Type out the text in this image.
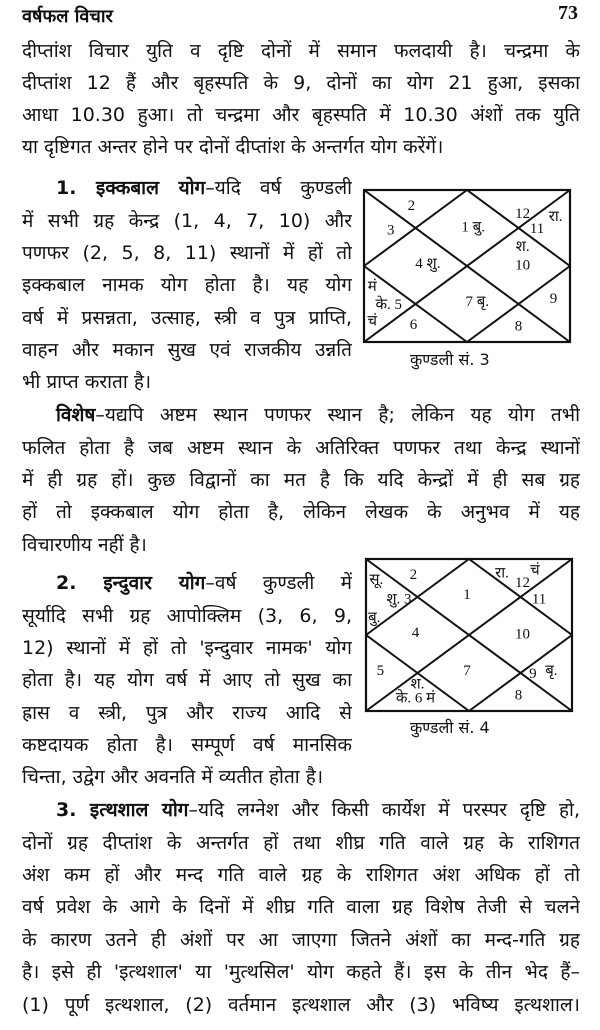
वर्षफल विचार	73
दीप्तांश विचार युति व दृष्टि दोनों में समान फलदायी है। चन्द्रमा के
दीप्तांश 12 हैं और बृहस्पति के 9, दोनों का योग 21 हुआ, इसका
आधा 10.30 हुआ। तो चन्द्रमा और बृहस्पति में 10.30 अंशों तक युति
या दृष्टिगत अन्तर होने पर दोनों दीप्तांश के अन्तर्गत योग करेंगें।
1. इक्कबाल योग–यदि वर्ष कुण्डली
में सभी ग्रह केन्द्र (1, 4, 7, 10) और
पणफर (2, 5, 8, 11) स्थानों में हों तो
इक्कबाल नामक योग होता है। यह योग
वर्ष में प्रसन्नता, उत्साह, स्त्री व पुत्र प्राप्ति,
वाहन और मकान सुख एवं राजकीय उन्नति
भी प्राप्त कराता है।
2
3	1 बु.
12 रा.
11
श.
4 शु.	10
मं
के. 5
चं
7 बृ.	9
6	8
कुण्डली सं. 3
विशेष–यद्यपि अष्टम स्थान पणफर स्थान है; लेकिन यह योग तभी
फलित होता है जब अष्टम स्थान के अतिरिक्त पणफर तथा केन्द्र स्थानों
में ही ग्रह हों। कुछ विद्वानों का मत है कि यदि केन्द्रों में ही सब ग्रह
हों तो इक्कबाल योग होता है, लेकिन लेखक के अनुभव में यह
विचारणीय नहीं है।
2. इन्दुवार योग–वर्ष कुण्डली में
सूर्यादि सभी ग्रह आपोक्लिम (3, 6, 9,
12) स्थानों में हों तो 'इन्दुवार नामक' योग
होता है। यह योग वर्ष में आए तो सुख का
ह्रास व स्त्री, पुत्र और राज्य आदि से
कष्टदायक होता है। सम्पूर्ण वर्ष मानसिक
चिन्ता, उद्वेग और अवनति में व्यतीत होता है।
2
सू.
शु. 3
बु.
1
रा. चं
12
11
4	10
5	7	9 बृ.
श.
के. 6 मं	8
कुण्डली सं. 4
3. इत्थशाल योग–यदि लग्नेश और किसी कार्येश में परस्पर दृष्टि हो,
दोनों ग्रह दीप्तांश के अन्तर्गत हों तथा शीघ्र गति वाले ग्रह के राशिगत
अंश कम हों और मन्द गति वाले ग्रह के राशिगत अंश अधिक हों तो
वर्ष प्रवेश के आगे के दिनों में शीघ्र गति वाला ग्रह विशेष तेजी से चलने
के कारण उतने ही अंशों पर आ जाएगा जितने अंशों का मन्द-गति ग्रह
है। इसे ही 'इत्थशाल' या 'मुत्थसिल' योग कहते हैं। इस के तीन भेद हैं–
(1) पूर्ण इत्थशाल, (2) वर्तमान इत्थशाल और (3) भविष्य इत्थशाल।
